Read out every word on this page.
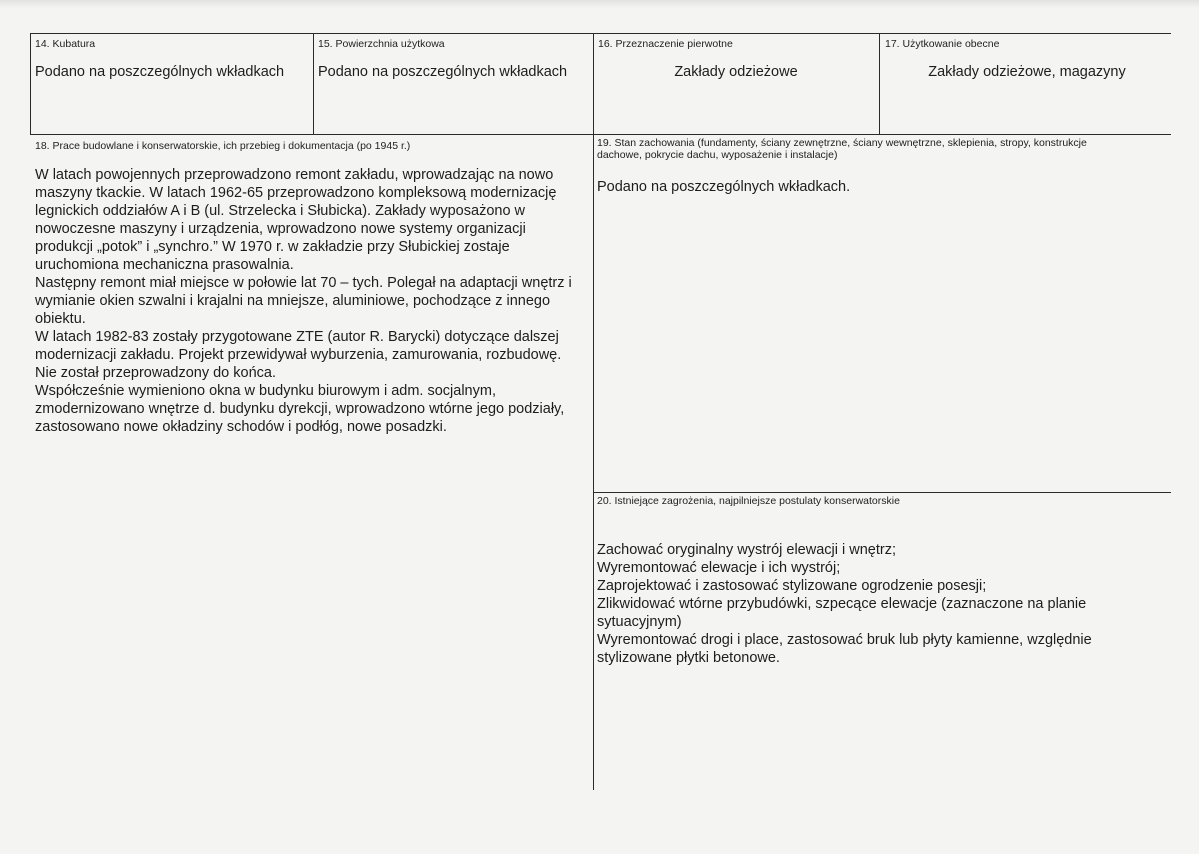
14. Kubatura
Podano na poszczególnych wkładkach
15. Powierzchnia użytkowa
Podano na poszczególnych wkładkach
16. Przeznaczenie pierwotne
Zakłady odzieżowe
17. Użytkowanie obecne
Zakłady odzieżowe, magazyny
18. Prace budowlane i konserwatorskie, ich przebieg i dokumentacja (po 1945 r.)
W latach powojennych przeprowadzono remont zakładu, wprowadzając na nowo maszyny tkackie. W latach 1962-65 przeprowadzono kompleksową modernizację legnickich oddziałów A i B (ul. Strzelecka i Słubicka). Zakłady wyposażono w nowoczesne maszyny i urządzenia, wprowadzono nowe systemy organizacji produkcji „potok” i „synchro.” W 1970 r. w zakładzie przy Słubickiej zostaje uruchomiona mechaniczna prasowalnia.
Następny remont miał miejsce w połowie lat 70 – tych. Polegał na adaptacji wnętrz i wymianie okien szwalni i krajalni na mniejsze, aluminiowe, pochodzące z innego obiektu.
W latach 1982-83 zostały przygotowane ZTE (autor R. Barycki) dotyczące dalszej modernizacji zakładu. Projekt przewidywał wyburzenia, zamurowania, rozbudowę. Nie został przeprowadzony do końca.
Współcześnie wymieniono okna w budynku biurowym i adm. socjalnym, zmodernizowano wnętrze d. budynku dyrekcji, wprowadzono wtórne jego podziały, zastosowano nowe okładziny schodów i podłóg, nowe posadzki.
19. Stan zachowania (fundamenty, ściany zewnętrzne, ściany wewnętrzne, sklepienia, stropy, konstrukcje dachowe, pokrycie dachu, wyposażenie i instalacje)
Podano na poszczególnych wkładkach.
20. Istniejące zagrożenia, najpilniejsze postulaty konserwatorskie
Zachować oryginalny wystrój elewacji i wnętrz;
Wyremontować elewacje i ich wystrój;
Zaprojektować i zastosować stylizowane ogrodzenie posesji;
Zlikwidować wtórne przybudówki, szpecące elewacje (zaznaczone na planie sytuacyjnym)
Wyremontować drogi i place, zastosować bruk lub płyty kamienne, względnie stylizowane płytki betonowe.
